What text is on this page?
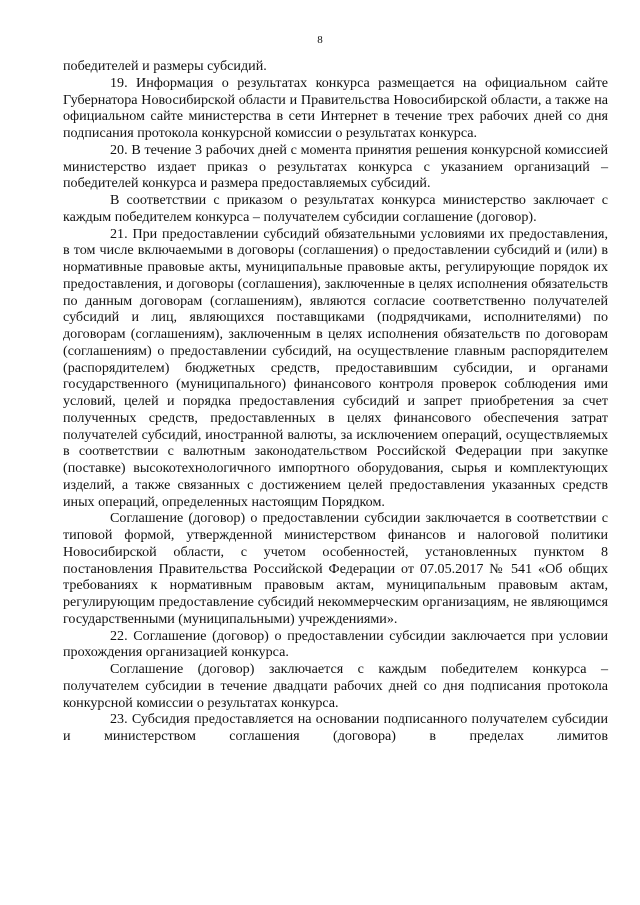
8

победителей и размеры субсидий.

19. Информация о результатах конкурса размещается на официальном сайте Губернатора Новосибирской области и Правительства Новосибирской области, а также на официальном сайте министерства в сети Интернет в течение трех рабочих дней со дня подписания протокола конкурсной комиссии о результатах конкурса.

20. В течение 3 рабочих дней с момента принятия решения конкурсной комиссией министерство издает приказ о результатах конкурса с указанием организаций – победителей конкурса и размера предоставляемых субсидий.

В соответствии с приказом о результатах конкурса министерство заключает с каждым победителем конкурса – получателем субсидии соглашение (договор).

21. При предоставлении субсидий обязательными условиями их предоставления, в том числе включаемыми в договоры (соглашения) о предоставлении субсидий и (или) в нормативные правовые акты, муниципальные правовые акты, регулирующие порядок их предоставления, и договоры (соглашения), заключенные в целях исполнения обязательств по данным договорам (соглашениям), являются согласие соответственно получателей субсидий и лиц, являющихся поставщиками (подрядчиками, исполнителями) по договорам (соглашениям), заключенным в целях исполнения обязательств по договорам (соглашениям) о предоставлении субсидий, на осуществление главным распорядителем (распорядителем) бюджетных средств, предоставившим субсидии, и органами государственного (муниципального) финансового контроля проверок соблюдения ими условий, целей и порядка предоставления субсидий и запрет приобретения за счет полученных средств, предоставленных в целях финансового обеспечения затрат получателей субсидий, иностранной валюты, за исключением операций, осуществляемых в соответствии с валютным законодательством Российской Федерации при закупке (поставке) высокотехнологичного импортного оборудования, сырья и комплектующих изделий, а также связанных с достижением целей предоставления указанных средств иных операций, определенных настоящим Порядком.

Соглашение (договор) о предоставлении субсидии заключается в соответствии с типовой формой, утвержденной министерством финансов и налоговой политики Новосибирской области, с учетом особенностей, установленных пунктом 8 постановления Правительства Российской Федерации от 07.05.2017 № 541 «Об общих требованиях к нормативным правовым актам, муниципальным правовым актам, регулирующим предоставление субсидий некоммерческим организациям, не являющимся государственными (муниципальными) учреждениями».

22. Соглашение (договор) о предоставлении субсидии заключается при условии прохождения организацией конкурса.

Соглашение (договор) заключается с каждым победителем конкурса – получателем субсидии в течение двадцати рабочих дней со дня подписания протокола конкурсной комиссии о результатах конкурса.

23. Субсидия предоставляется на основании подписанного получателем субсидии и министерством соглашения (договора) в пределах лимитов
